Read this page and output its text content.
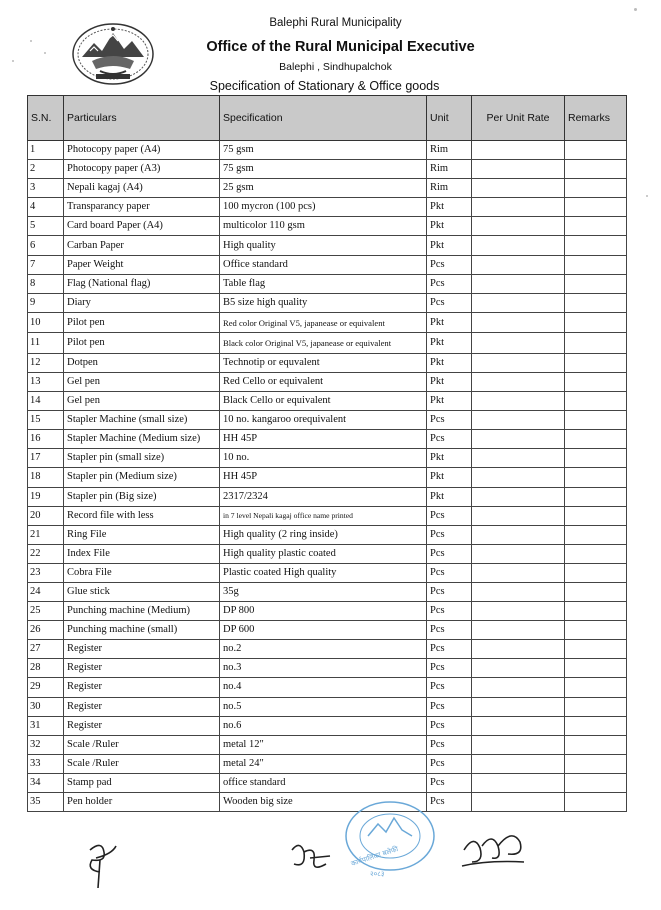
Balephi Rural Municipality
Office of the Rural Municipal Executive
Balephi , Sindhupalchok
Specification of Stationary & Office goods
S.N.	Particulars	Specification	Unit	Per Unit Rate	Remarks
1	Photocopy paper (A4)	75 gsm	Rim		
2	Photocopy paper (A3)	75 gsm	Rim		
3	Nepali kagaj (A4)	25 gsm	Rim		
4	Transparancy paper	100 mycron (100 pcs)	Pkt		
5	Card board Paper (A4)	multicolor 110 gsm	Pkt		
6	Carban Paper	High quality	Pkt		
7	Paper Weight	Office standard	Pcs		
8	Flag (National flag)	Table flag	Pcs		
9	Diary	B5 size high quality	Pcs		
10	Pilot pen	Red color Original V5, japanease or equivalent	Pkt		
11	Pilot pen	Black color Original V5, japanease or equivalent	Pkt		
12	Dotpen	Technotip or equvalent	Pkt		
13	Gel pen	Red Cello or equivalent	Pkt		
14	Gel pen	Black Cello or equivalent	Pkt		
15	Stapler Machine (small size)	10 no. kangaroo orequivalent	Pcs		
16	Stapler Machine (Medium size)	HH 45P	Pcs		
17	Stapler pin (small size)	10 no.	Pkt		
18	Stapler pin (Medium size)	HH 45P	Pkt		
19	Stapler pin (Big size)	2317/2324	Pkt		
20	Record file with less	in 7 level Nepali kagaj office name printed	Pcs		
21	Ring File	High quality (2 ring inside)	Pcs		
22	Index File	High quality plastic coated	Pcs		
23	Cobra File	Plastic coated High quality	Pcs		
24	Glue stick	35g	Pcs		
25	Punching machine (Medium)	DP 800	Pcs		
26	Punching machine (small)	DP 600	Pcs		
27	Register	no.2	Pcs		
28	Register	no.3	Pcs		
29	Register	no.4	Pcs		
30	Register	no.5	Pcs		
31	Register	no.6	Pcs		
32	Scale /Ruler	metal 12"	Pcs		
33	Scale /Ruler	metal 24"	Pcs		
34	Stamp pad	office standard	Pcs		
35	Pen holder	Wooden big size	Pcs		
कार्यपालिका बलेफी
२०८३
